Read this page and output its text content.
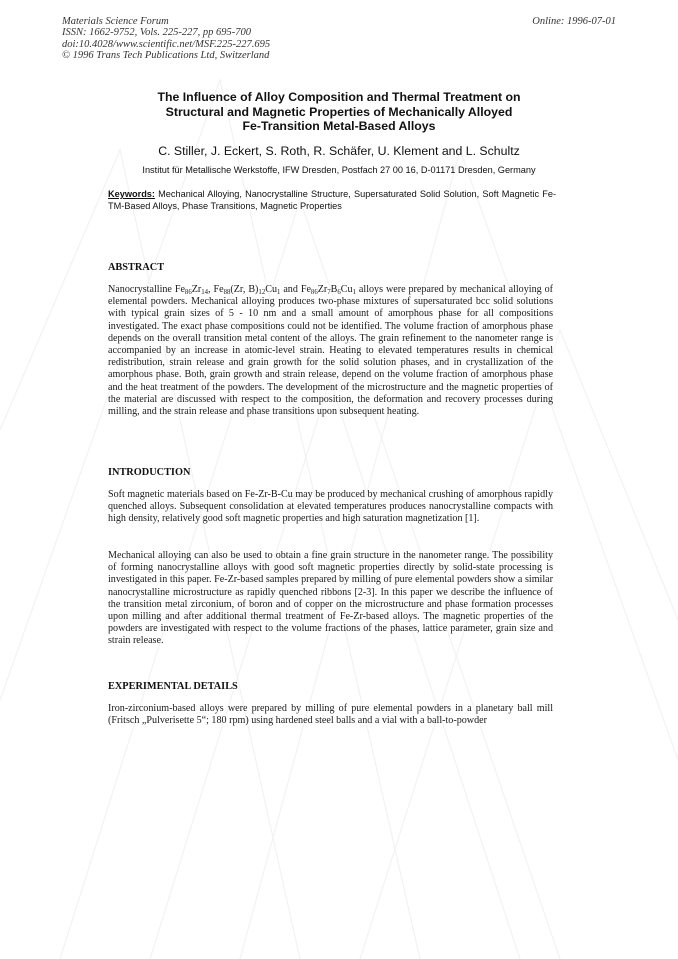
Materials Science Forum
ISSN: 1662-9752, Vols. 225-227, pp 695-700
doi:10.4028/www.scientific.net/MSF.225-227.695
© 1996 Trans Tech Publications Ltd, Switzerland
Online: 1996-07-01
The Influence of Alloy Composition and Thermal Treatment on
Structural and Magnetic Properties of Mechanically Alloyed
Fe-Transition Metal-Based Alloys
C. Stiller, J. Eckert, S. Roth, R. Schäfer, U. Klement and L. Schultz
Institut für Metallische Werkstoffe, IFW Dresden, Postfach 27 00 16, D-01171 Dresden, Germany
Keywords: Mechanical Alloying, Nanocrystalline Structure, Supersaturated Solid Solution, Soft Magnetic Fe-TM-Based Alloys, Phase Transitions, Magnetic Properties
ABSTRACT
Nanocrystalline $Fe_{86}Zr_{14}$, $Fe_{88}(Zr$, $B)_{12}Cu_1$ and $Fe_{86}Zr_7B_6Cu_1$ alloys were prepared by mechanical alloying of elemental powders. Mechanical alloying produces two-phase mixtures of supersaturated bcc solid solutions with typical grain sizes of 5 - 10 nm and a small amount of amorphous phase for all compositions investigated. The exact phase compositions could not be identified. The volume fraction of amorphous phase depends on the overall transition metal content of the alloys. The grain refinement to the nanometer range is accompanied by an increase in atomic-level strain. Heating to elevated temperatures results in chemical redistribution, strain release and grain growth for the solid solution phases, and in crystallization of the amorphous phase. Both, grain growth and strain release, depend on the volume fraction of amorphous phase and the heat treatment of the powders. The development of the microstructure and the magnetic properties of the material are discussed with respect to the composition, the deformation and recovery processes during milling, and the strain release and phase transitions upon subsequent heating.
INTRODUCTION
Soft magnetic materials based on Fe-Zr-B-Cu may be produced by mechanical crushing of amorphous rapidly quenched alloys. Subsequent consolidation at elevated temperatures produces nanocrystalline compacts with high density, relatively good soft magnetic properties and high saturation magnetization [1].
Mechanical alloying can also be used to obtain a fine grain structure in the nanometer range. The possibility of forming nanocrystalline alloys with good soft magnetic properties directly by solid-state processing is investigated in this paper. Fe-Zr-based samples prepared by milling of pure elemental powders show a similar nanocrystalline microstructure as rapidly quenched ribbons [2-3]. In this paper we describe the influence of the transition metal zirconium, of boron and of copper on the microstructure and phase formation processes upon milling and after additional thermal treatment of Fe-Zr-based alloys. The magnetic properties of the powders are investigated with respect to the volume fractions of the phases, lattice parameter, grain size and strain release.
EXPERIMENTAL DETAILS
Iron-zirconium-based alloys were prepared by milling of pure elemental powders in a planetary ball mill (Fritsch „Pulverisette 5“; 180 rpm) using hardened steel balls and a vial with a ball-to-powder
